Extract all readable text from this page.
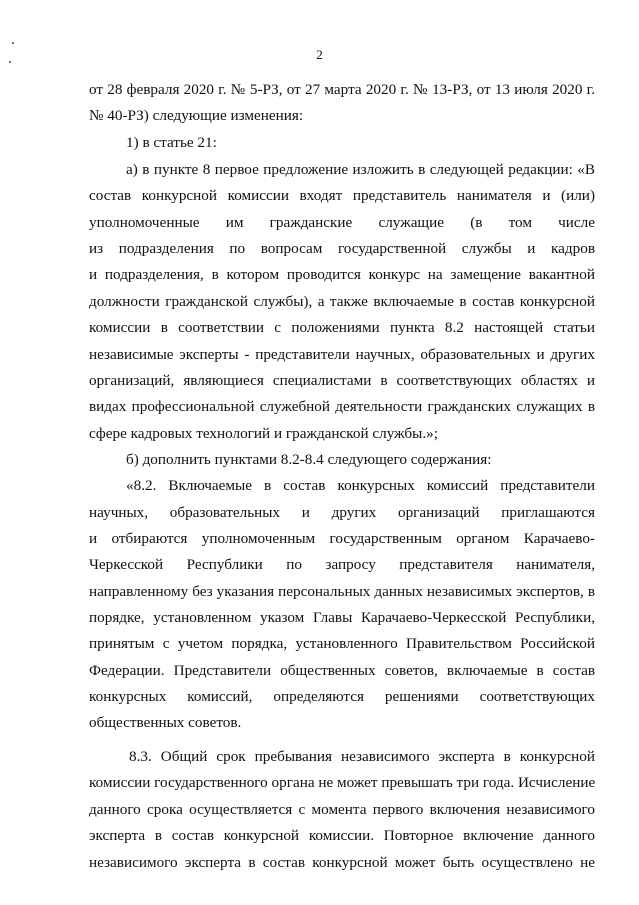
2
от 28 февраля 2020 г. № 5-РЗ, от 27 марта 2020 г. № 13-РЗ, от 13 июля 2020 г.
№ 40-РЗ) следующие изменения:
1) в статье 21:
а) в пункте 8 первое предложение изложить в следующей редакции: «В
состав конкурсной комиссии входят представитель нанимателя и (или)
уполномоченные им гражданские служащие (в том числе
из подразделения по вопросам государственной службы и кадров
и подразделения, в котором проводится конкурс на замещение вакантной
должности гражданской службы), а также включаемые в состав конкурсной
комиссии в соответствии с положениями пункта 8.2 настоящей статьи
независимые эксперты - представители научных, образовательных и других
организаций, являющиеся специалистами в соответствующих областях и
видах профессиональной служебной деятельности гражданских служащих в
сфере кадровых технологий и гражданской службы.»;
б) дополнить пунктами 8.2-8.4 следующего содержания:
«8.2. Включаемые в состав конкурсных комиссий представители
научных, образовательных и других организаций приглашаются
и отбираются уполномоченным государственным органом Карачаево-
Черкесской Республики по запросу представителя нанимателя,
направленному без указания персональных данных независимых экспертов, в
порядке, установленном указом Главы Карачаево-Черкесской Республики,
принятым с учетом порядка, установленного Правительством Российской
Федерации. Представители общественных советов, включаемые в состав
конкурсных комиссий, определяются решениями соответствующих
общественных советов.
8.3. Общий срок пребывания независимого эксперта в конкурсной
комиссии государственного органа не может превышать три года. Исчисление
данного срока осуществляется с момента первого включения независимого
эксперта в состав конкурсной комиссии. Повторное включение данного
независимого эксперта в состав конкурсной может быть осуществлено не
